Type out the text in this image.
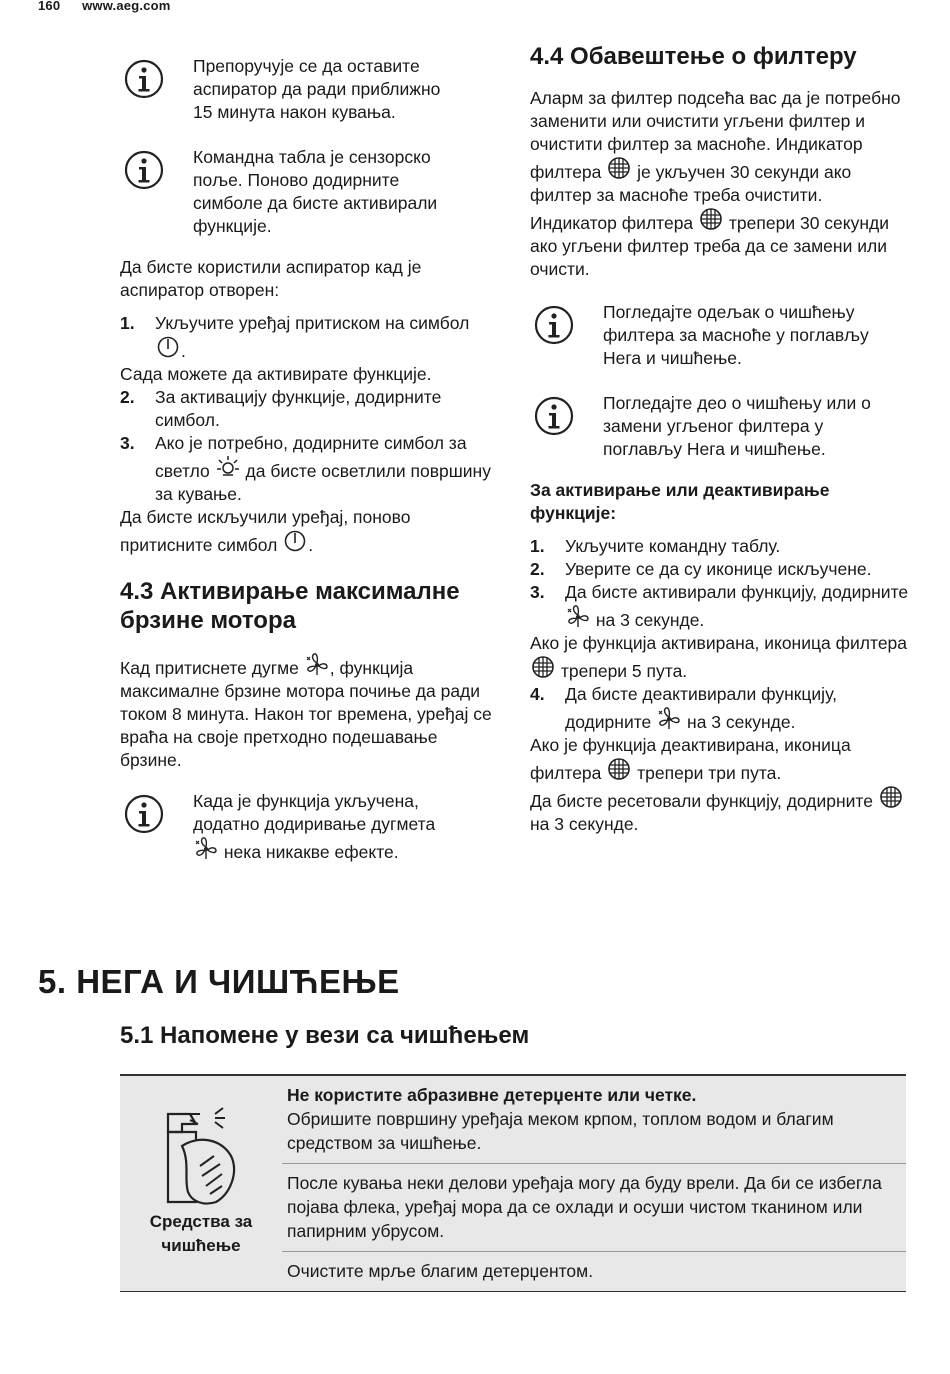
160 www.aeg.com
Препоручује се да оставите аспиратор да ради приближно 15 минута након кувања.
Командна табла је сензорско поље. Поново додирните симболе да бисте активирали функције.

Да бисте користили аспиратор кад је аспиратор отворен:

1. Укључите уређај притиском на симбол .

Сада можете да активирате функције.

2. За активацију функције, додирните симбол.
3. Ако је потребно, додирните симбол за светло да бисте осветлили површину за кување.

Да бисте искључили уређај, поново притисните симбол .

4.3 Активирање максималне брзине мотора

Кад притиснете дугме , функција максималне брзине мотора почиње да ради током 8 минута. Након тог времена, уређај се враћа на своје претходно подешавање брзине.

Када је функција укључена, додатно додиривање дугмета  нека никакве ефекте.
4.4 Обавештење о филтеру

Аларм за филтер подсећа вас да је потребно заменити или очистити угљени филтер и очистити филтер за масноће. Индикатор филтера је укључен 30 секунди ако филтер за масноће треба очистити. Индикатор филтера трепери 30 секунди ако угљени филтер треба да се замени или очисти.

Погледајте одељак о чишћењу филтера за масноће у поглављу Нега и чишћење.
Погледајте део о чишћењу или о замени угљеног филтера у поглављу Нега и чишћење.

За активирање или деактивирање функције:

1. Укључите командну таблу.
2. Уверите се да су иконице искључене.
3. Да бисте активирали функцију, додирните  на 3 секунде.

Ако је функција активирана, иконица филтера  трепери 5 пута.

4. Да бисте деактивирали функцију, додирните на 3 секунде.

Ако је функција деактивирана, иконица филтера трепери три пута.

Да бисте ресетовали функцију, додирните  на 3 секунде.

5. НЕГА И ЧИШЋЕЊЕ
5.1 Напомене у вези са чишћењем
Средства за чишћење
Не користите абразивне детерџенте или четке.
Обришите површину уређаја меком крпом, топлом водом и благим средством за чишћење.
После кувања неки делови уређаја могу да буду врели. Да би се избегла појава флека, уређај мора да се охлади и осуши чистом тканином или папирним убрусом.
Очистите мрље благим детерџентом.
